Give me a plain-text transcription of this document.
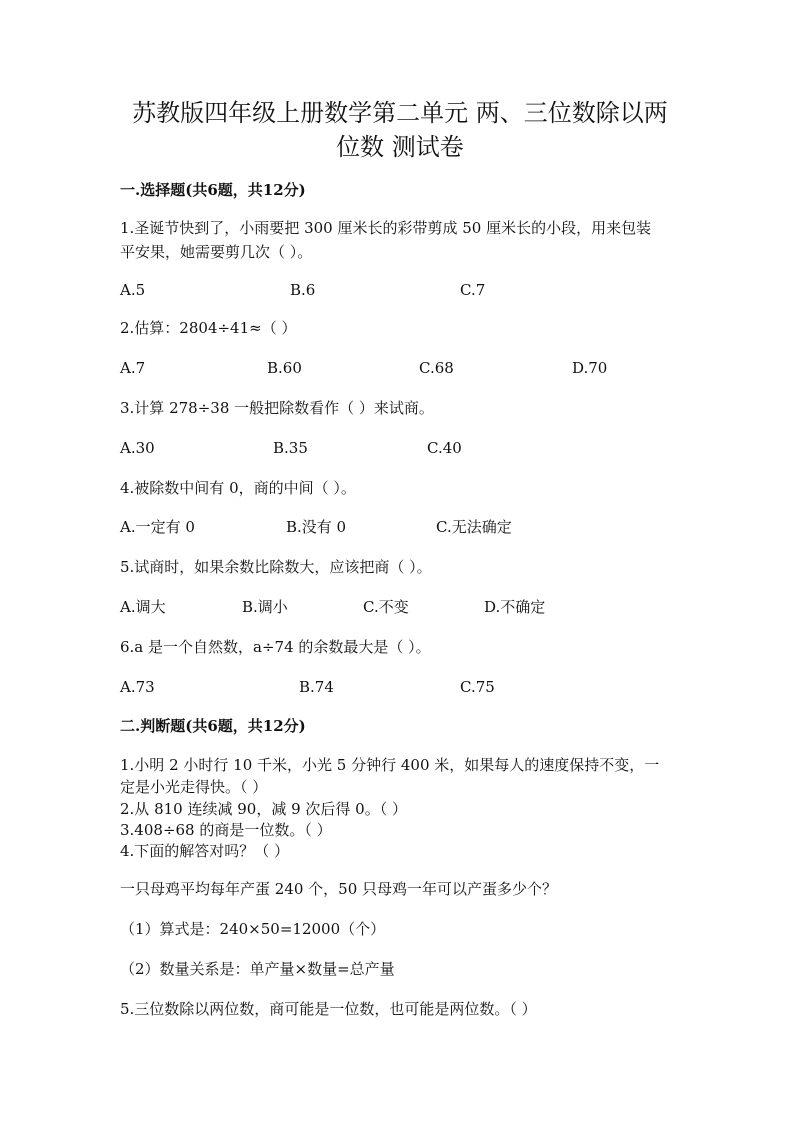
苏教版四年级上册数学第二单元 两、三位数除以两
位数 测试卷
一.选择题(共6题，共12分)
1.圣诞节快到了，小雨要把 300 厘米长的彩带剪成 50 厘米长的小段，用来包装
平安果，她需要剪几次（ ）。
A.5	B.6	C.7
2.估算：2804÷41≈（ ）
A.7	B.60	C.68	D.70
3.计算 278÷38 一般把除数看作（ ）来试商。
A.30	B.35	C.40
4.被除数中间有 0，商的中间（ ）。
A.一定有 0	B.没有 0	C.无法确定
5.试商时，如果余数比除数大，应该把商（ ）。
A.调大	B.调小	C.不变	D.不确定
6.a 是一个自然数，a÷74 的余数最大是（ ）。
A.73	B.74	C.75
二.判断题(共6题，共12分)
1.小明 2 小时行 10 千米，小光 5 分钟行 400 米，如果每人的速度保持不变，一
定是小光走得快。（ ）
2.从 810 连续减 90，减 9 次后得 0。（ ）
3.408÷68 的商是一位数。（ ）
4.下面的解答对吗？（ ）
一只母鸡平均每年产蛋 240 个，50 只母鸡一年可以产蛋多少个？
（1）算式是：240×50=12000（个）
（2）数量关系是：单产量×数量=总产量
5.三位数除以两位数，商可能是一位数，也可能是两位数。（ ）
